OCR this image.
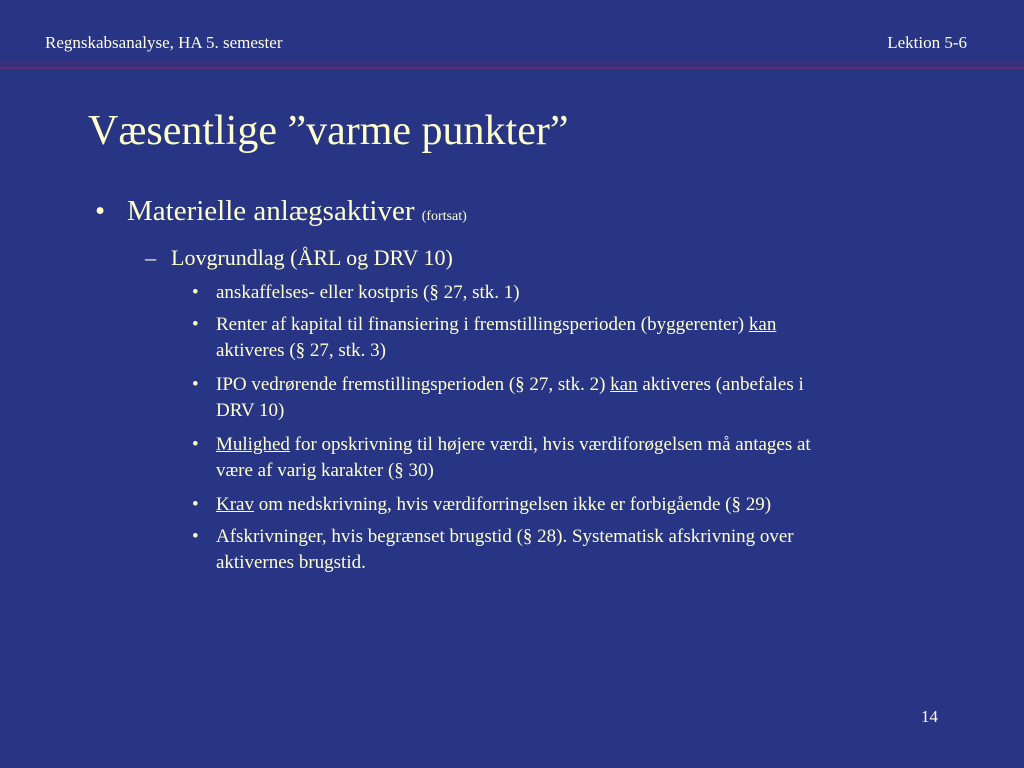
Regnskabsanalyse, HA 5. semester	Lektion 5-6
Væsentlige ”varme punkter”
• Materielle anlægsaktiver (fortsat)
– Lovgrundlag (ÅRL og DRV 10)
• anskaffelses- eller kostpris (§ 27, stk. 1)
• Renter af kapital til finansiering i fremstillingsperioden (byggerenter) kan
aktiveres (§ 27, stk. 3)
• IPO vedrørende fremstillingsperioden (§ 27, stk. 2) kan aktiveres (anbefales i
DRV 10)
• Mulighed for opskrivning til højere værdi, hvis værdiforøgelsen må antages at
være af varig karakter (§ 30)
• Krav om nedskrivning, hvis værdiforringelsen ikke er forbigående (§ 29)
• Afskrivninger, hvis begrænset brugstid (§ 28). Systematisk afskrivning over
aktivernes brugstid.
14
